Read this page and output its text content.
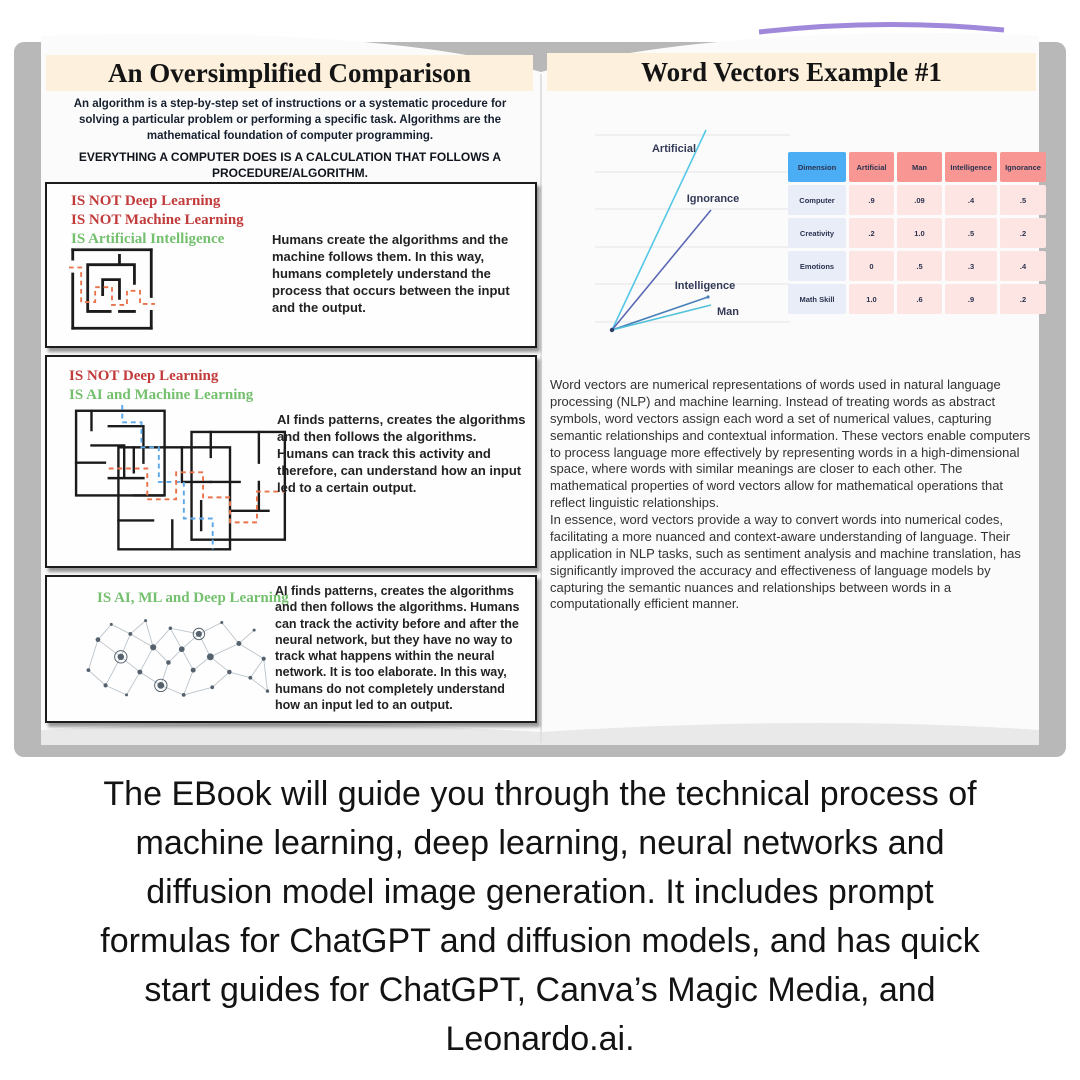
An Oversimplified Comparison
An algorithm is a step-by-step set of instructions or a systematic procedure for solving a particular problem or performing a specific task. Algorithms are the mathematical foundation of computer programming.
EVERYTHING A COMPUTER DOES IS A CALCULATION THAT FOLLOWS A PROCEDURE/ALGORITHM.
IS NOT Deep Learning
IS NOT Machine Learning
IS Artificial Intelligence	Humans create the algorithms and the machine follows them. In this way, humans completely understand the process that occurs between the input and the output.
IS NOT Deep Learning
IS AI and Machine Learning
AI finds patterns, creates the algorithms and then follows the algorithms. Humans can track this activity and therefore, can understand how an input led to a certain output.
IS AI, ML and Deep Learning
AI finds patterns, creates the algorithms and then follows the algorithms. Humans can track the activity before and after the neural network, but they have no way to track what happens within the neural network. It is too elaborate. In this way, humans do not completely understand how an input led to an output.
Word Vectors Example #1
Artificial
Ignorance
Intelligence
Man
Dimension	Artificial	Man	Intelligence	Ignorance
Computer	.9	.09	.4	.5
Creativity	.2	1.0	.5	.2
Emotions	0	.5	.3	.4
Math Skill	1.0	.6	.9	.2
Word vectors are numerical representations of words used in natural language processing (NLP) and machine learning. Instead of treating words as abstract symbols, word vectors assign each word a set of numerical values, capturing semantic relationships and contextual information. These vectors enable computers to process language more effectively by representing words in a high-dimensional space, where words with similar meanings are closer to each other. The mathematical properties of word vectors allow for mathematical operations that reflect linguistic relationships.
In essence, word vectors provide a way to convert words into numerical codes, facilitating a more nuanced and context-aware understanding of language. Their application in NLP tasks, such as sentiment analysis and machine translation, has significantly improved the accuracy and effectiveness of language models by capturing the semantic nuances and relationships between words in a computationally efficient manner.
The EBook will guide you through the technical process of
machine learning, deep learning, neural networks and
diffusion model image generation. It includes prompt
formulas for ChatGPT and diffusion models, and has quick
start guides for ChatGPT, Canva’s Magic Media, and
Leonardo.ai.
